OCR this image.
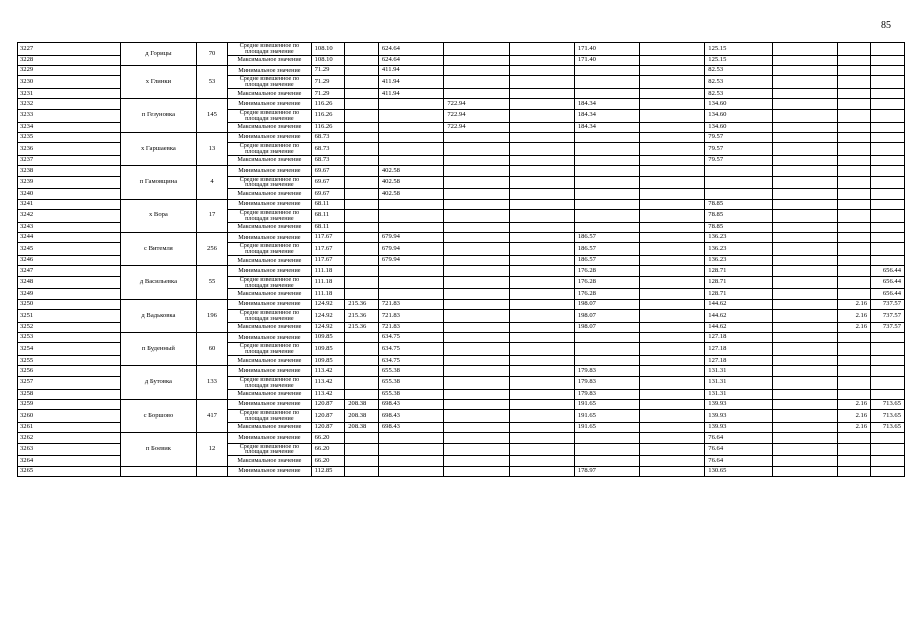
85
3227	д Горицы	70	Средне взвешенное по площади значение	108.10		624.64			171.40		125.15			
3228			Максимальное значение	108.10		624.64			171.40		125.15			
3229	х Глинки	53	Минимальное значение	71.29		411.94					82.53			
3230			Средне взвешенное по площади значение	71.29		411.94					82.53			
3231			Максимальное значение	71.29		411.94					82.53			
3232	п Гезуновка	145	Минимальное значение	116.26			722.94		184.34		134.60			
3233			Средне взвешенное по площади значение	116.26			722.94		184.34		134.60			
3234			Максимальное значение	116.26			722.94		184.34		134.60			
3235	х Гаршаевка	13	Минимальное значение	68.73							79.57			
3236			Средне взвешенное по площади значение	68.73							79.57			
3237			Максимальное значение	68.73							79.57			
3238	п Гамовщина	4	Минимальное значение	69.67		402.58								
3239			Средне взвешенное по площади значение	69.67		402.58								
3240			Максимальное значение	69.67		402.58								
3241	х Вора	17	Минимальное значение	68.11							78.85			
3242			Средне взвешенное по площади значение	68.11							78.85			
3243			Максимальное значение	68.11							78.85			
3244	с Витемля	256	Минимальное значение	117.67		679.94			186.57		136.23			
3245			Средне взвешенное по площади значение	117.67		679.94			186.57		136.23			
3246			Максимальное значение	117.67		679.94			186.57		136.23			
3247	д Васильевка	55	Минимальное значение	111.18					176.28		128.71			656.44
3248			Средне взвешенное по площади значение	111.18					176.28		128.71			656.44
3249			Максимальное значение	111.18					176.28		128.71			656.44
3250	д Вадьковка	196	Минимальное значение	124.92	215.36	721.83			198.07		144.62		2.16	737.57
3251			Средне взвешенное по площади значение	124.92	215.36	721.83			198.07		144.62		2.16	737.57
3252			Максимальное значение	124.92	215.36	721.83			198.07		144.62		2.16	737.57
3253	п Буденный	60	Минимальное значение	109.85		634.75					127.18			
3254			Средне взвешенное по площади значение	109.85		634.75					127.18			
3255			Максимальное значение	109.85		634.75					127.18			
3256	д Бутовка	133	Минимальное значение	113.42		655.38			179.83		131.31			
3257			Средне взвешенное по площади значение	113.42		655.38			179.83		131.31			
3258			Максимальное значение	113.42		655.38			179.83		131.31			
3259	с Боршово	417	Минимальное значение	120.87	208.38	698.43			191.65		139.93		2.16	713.65
3260			Средне взвешенное по площади значение	120.87	208.38	698.43			191.65		139.93		2.16	713.65
3261			Максимальное значение	120.87	208.38	698.43			191.65		139.93		2.16	713.65
3262	п Боевик	12	Минимальное значение	66.20							76.64			
3263			Средне взвешенное по площади значение	66.20							76.64			
3264			Максимальное значение	66.20							76.64			
3265			Минимальное значение	112.85					178.97		130.65			
